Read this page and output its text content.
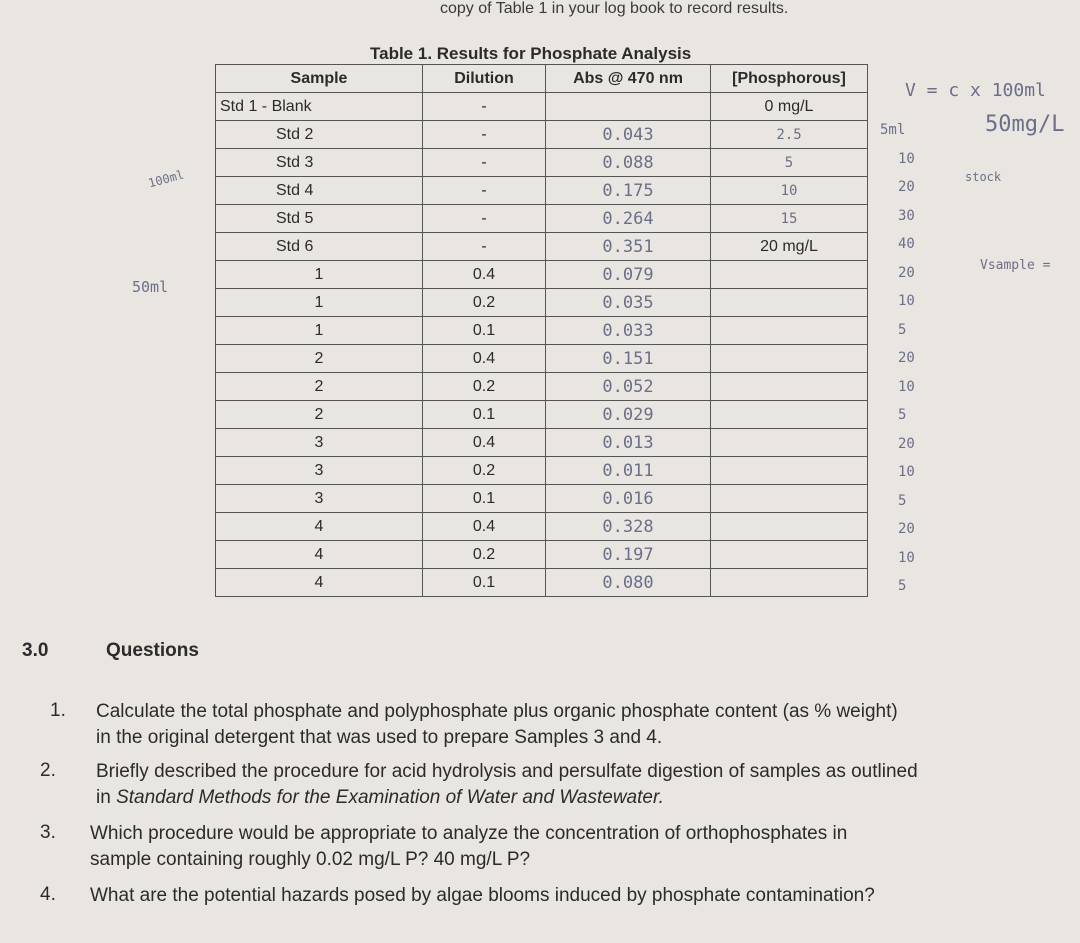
copy of Table 1 in your log book to record results.
Table 1. Results for Phosphate Analysis
Sample	Dilution	Abs @ 470 nm	[Phosphorous]
Std 1 - Blank	-		0 mg/L
Std 2	-	0.043	2.5
Std 3	-	0.088	5
Std 4	-	0.175	10
Std 5	-	0.264	15
Std 6	-	0.351	20 mg/L
1	0.4	0.079	
1	0.2	0.035	
1	0.1	0.033	
2	0.4	0.151	
2	0.2	0.052	
2	0.1	0.029	
3	0.4	0.013	
3	0.2	0.011	
3	0.1	0.016	
4	0.4	0.328	
4	0.2	0.197	
4	0.1	0.080	
5ml
10
20
30
40
20
10
5
20
10
5
20
10
5
20
10
5
V = c x 100ml
50mg/L
stock
Vsample =
100ml
50ml
3.0	Questions
1. Calculate the total phosphate and polyphosphate plus organic phosphate content (as % weight)
in the original detergent that was used to prepare Samples 3 and 4.
2. Briefly described the procedure for acid hydrolysis and persulfate digestion of samples as outlined
in Standard Methods for the Examination of Water and Wastewater.
3. Which procedure would be appropriate to analyze the concentration of orthophosphates in
sample containing roughly 0.02 mg/L P? 40 mg/L P?
4. What are the potential hazards posed by algae blooms induced by phosphate contamination?
